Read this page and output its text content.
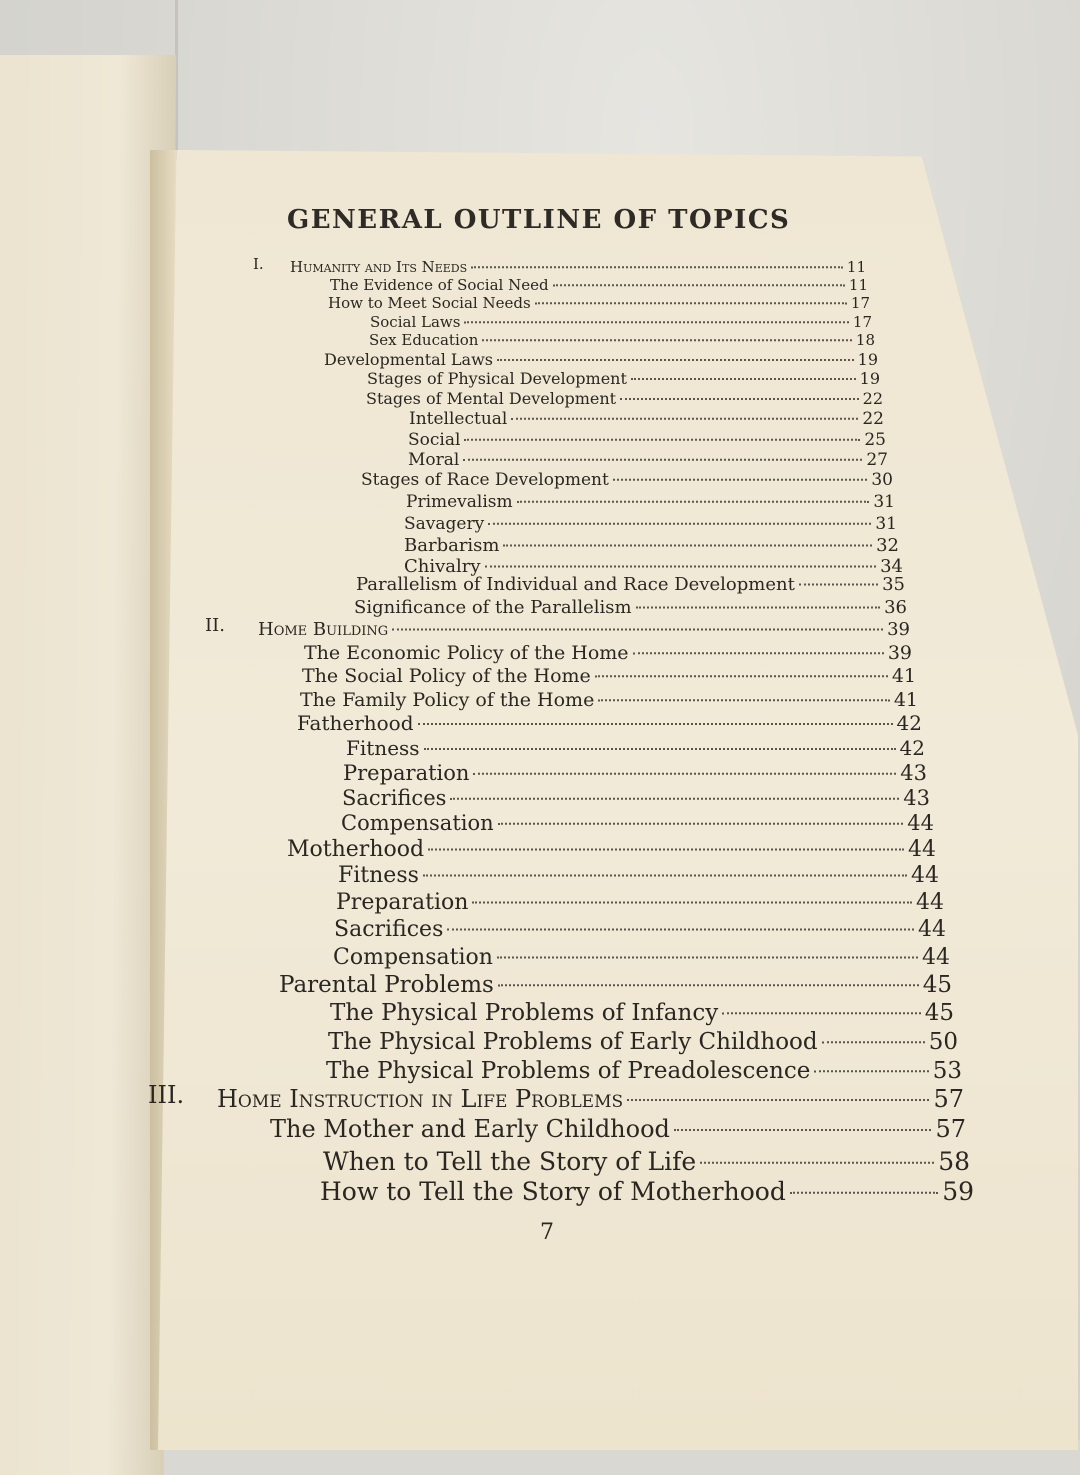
GENERAL OUTLINE OF TOPICS
I. Humanity and Its Needs	11
The Evidence of Social Need	11
How to Meet Social Needs	17
Social Laws	17
Sex Education	18
Developmental Laws	19
Stages of Physical Development	19
Stages of Mental Development	22
Intellectual	22
Social	25
Moral	27
Stages of Race Development	30
Primevalism	31
Savagery	31
Barbarism	32
Chivalry	34
Parallelism of Individual and Race Development	35
Significance of the Parallelism	36
II. Home Building	39
The Economic Policy of the Home	39
The Social Policy of the Home	41
The Family Policy of the Home	41
Fatherhood	42
Fitness	42
Preparation	43
Sacrifices	43
Compensation	44
Motherhood	44
Fitness	44
Preparation	44
Sacrifices	44
Compensation	44
Parental Problems	45
The Physical Problems of Infancy	45
The Physical Problems of Early Childhood	50
The Physical Problems of Preadolescence	53
III. Home Instruction in Life Problems	57
The Mother and Early Childhood	57
When to Tell the Story of Life	58
How to Tell the Story of Motherhood	59
7
